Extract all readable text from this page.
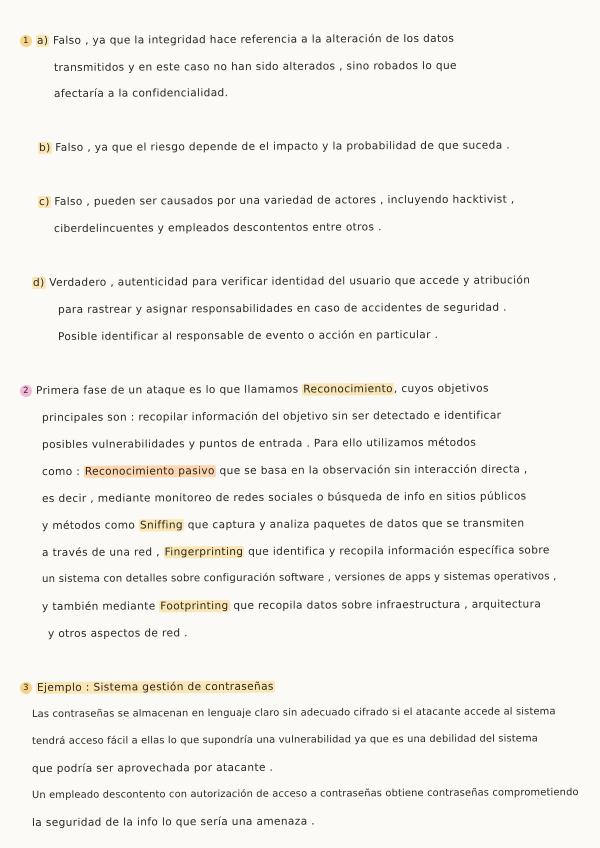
1 a) Falso , ya que la integridad hace referencia a la alteración de los datos
transmitidos y en este caso no han sido alterados , sino robados lo que
afectaría a la confidencialidad.
b) Falso , ya que el riesgo depende de el impacto y la probabilidad de que suceda .
c) Falso , pueden ser causados por una variedad de actores , incluyendo hacktivist ,
ciberdelincuentes y empleados descontentos entre otros .
d) Verdadero , autenticidad para verificar identidad del usuario que accede y atribución
para rastrear y asignar responsabilidades en caso de accidentes de seguridad .
Posible identificar al responsable de evento o acción en particular .
2 Primera fase de un ataque es lo que llamamos Reconocimiento, cuyos objetivos
principales son : recopilar información del objetivo sin ser detectado e identificar
posibles vulnerabilidades y puntos de entrada . Para ello utilizamos métodos
como : Reconocimiento pasivo que se basa en la observación sin interacción directa ,
es decir , mediante monitoreo de redes sociales o búsqueda de info en sitios públicos
y métodos como Sniffing que captura y analiza paquetes de datos que se transmiten
a través de una red , Fingerprinting que identifica y recopila información específica sobre
un sistema con detalles sobre configuración software , versiones de apps y sistemas operativos ,
y también mediante Footprinting que recopila datos sobre infraestructura , arquitectura
y otros aspectos de red .
3 Ejemplo : Sistema gestión de contraseñas
Las contraseñas se almacenan en lenguaje claro sin adecuado cifrado si el atacante accede al sistema
tendrá acceso fácil a ellas lo que supondría una vulnerabilidad ya que es una debilidad del sistema
que podría ser aprovechada por atacante .
Un empleado descontento con autorización de acceso a contraseñas obtiene contraseñas comprometiendo
la seguridad de la info lo que sería una amenaza .
